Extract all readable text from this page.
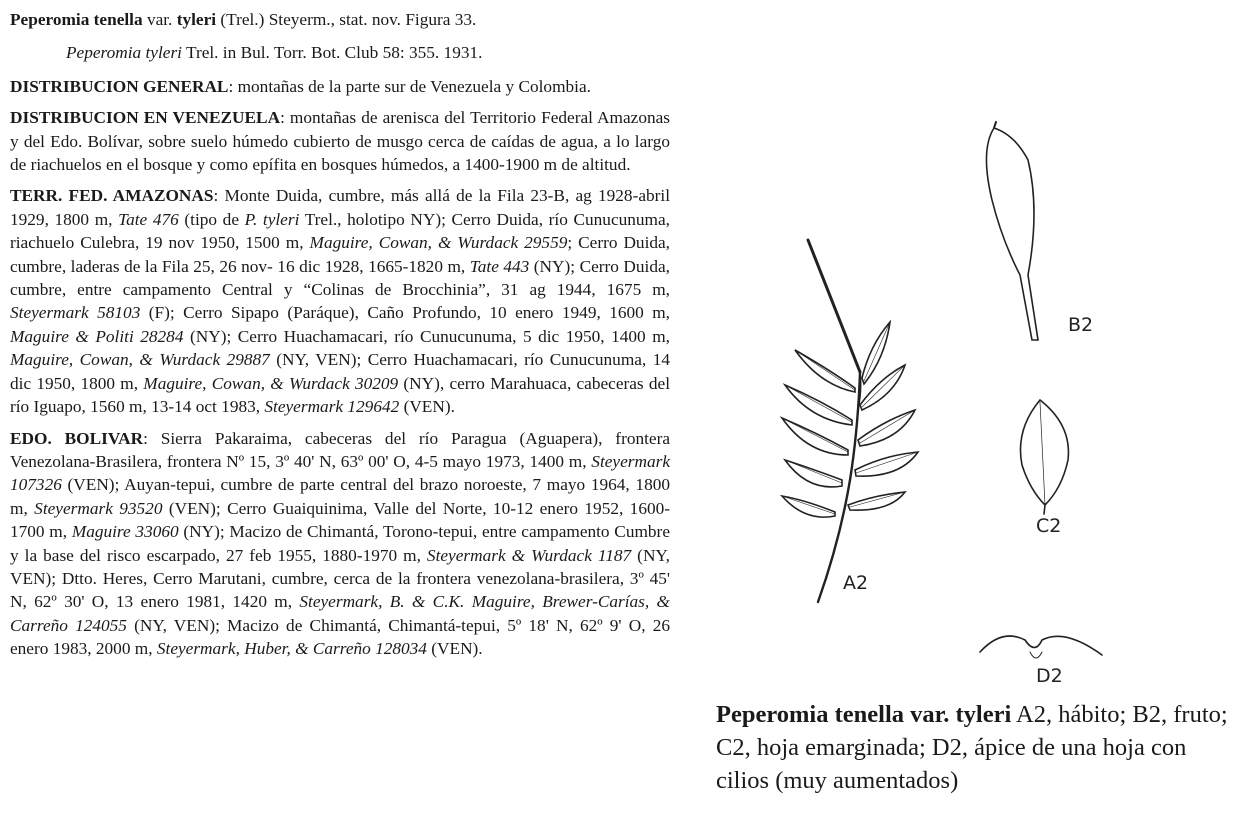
Peperomia tenella var. tyleri (Trel.) Steyerm., stat. nov. Figura 33.

Peperomia tyleri Trel. in Bul. Torr. Bot. Club 58: 355. 1931.

DISTRIBUCION GENERAL: montañas de la parte sur de Venezuela y Colombia.

DISTRIBUCION EN VENEZUELA: montañas de arenisca del Territorio Federal Amazonas y del Edo. Bolívar, sobre suelo húmedo cubierto de musgo cerca de caídas de agua, a lo largo de riachuelos en el bosque y como epífita en bosques húmedos, a 1400-1900 m de altitud.

TERR. FED. AMAZONAS: Monte Duida, cumbre, más allá de la Fila 23-B, ag 1928-abril 1929, 1800 m, Tate 476 (tipo de P. tyleri Trel., holotipo NY); Cerro Duida, río Cunucunuma, riachuelo Culebra, 19 nov 1950, 1500 m, Maguire, Cowan, & Wurdack 29559; Cerro Duida, cumbre, laderas de la Fila 25, 26 nov- 16 dic 1928, 1665-1820 m, Tate 443 (NY); Cerro Duida, cumbre, entre campamento Central y “Colinas de Brocchinia”, 31 ag 1944, 1675 m, Steyermark 58103 (F); Cerro Sipapo (Paráque), Caño Profundo, 10 enero 1949, 1600 m, Maguire & Politi 28284 (NY); Cerro Huachamacari, río Cunucunuma, 5 dic 1950, 1400 m, Maguire, Cowan, & Wurdack 29887 (NY, VEN); Cerro Huachamacari, río Cunucunuma, 14 dic 1950, 1800 m, Maguire, Cowan, & Wurdack 30209 (NY), cerro Marahuaca, cabeceras del río Iguapo, 1560 m, 13-14 oct 1983, Steyermark 129642 (VEN).

EDO. BOLIVAR: Sierra Pakaraima, cabeceras del río Paragua (Aguapera), frontera Venezolana-Brasilera, frontera Nº 15, 3º 40' N, 63º 00' O, 4-5 mayo 1973, 1400 m, Steyermark 107326 (VEN); Auyan-tepui, cumbre de parte central del brazo noroeste, 7 mayo 1964, 1800 m, Steyermark 93520 (VEN); Cerro Guaiquinima, Valle del Norte, 10-12 enero 1952, 1600-1700 m, Maguire 33060 (NY); Macizo de Chimantá, Torono-tepui, entre campamento Cumbre y la base del risco escarpado, 27 feb 1955, 1880-1970 m, Steyermark & Wurdack 1187 (NY, VEN); Dtto. Heres, Cerro Marutani, cumbre, cerca de la frontera venezolana-brasilera, 3º 45' N, 62º 30' O, 13 enero 1981, 1420 m, Steyermark, B. & C.K. Maguire, Brewer-Carías, & Carreño 124055 (NY, VEN); Macizo de Chimantá, Chimantá-tepui, 5º 18' N, 62º 9' O, 26 enero 1983, 2000 m, Steyermark, Huber, & Carreño 128034 (VEN).

A2
B2
C2
D2
Peperomia tenella var. tyleri A2, hábito; B2, fruto; C2, hoja emarginada; D2, ápice de una hoja con cilios (muy aumentados)
